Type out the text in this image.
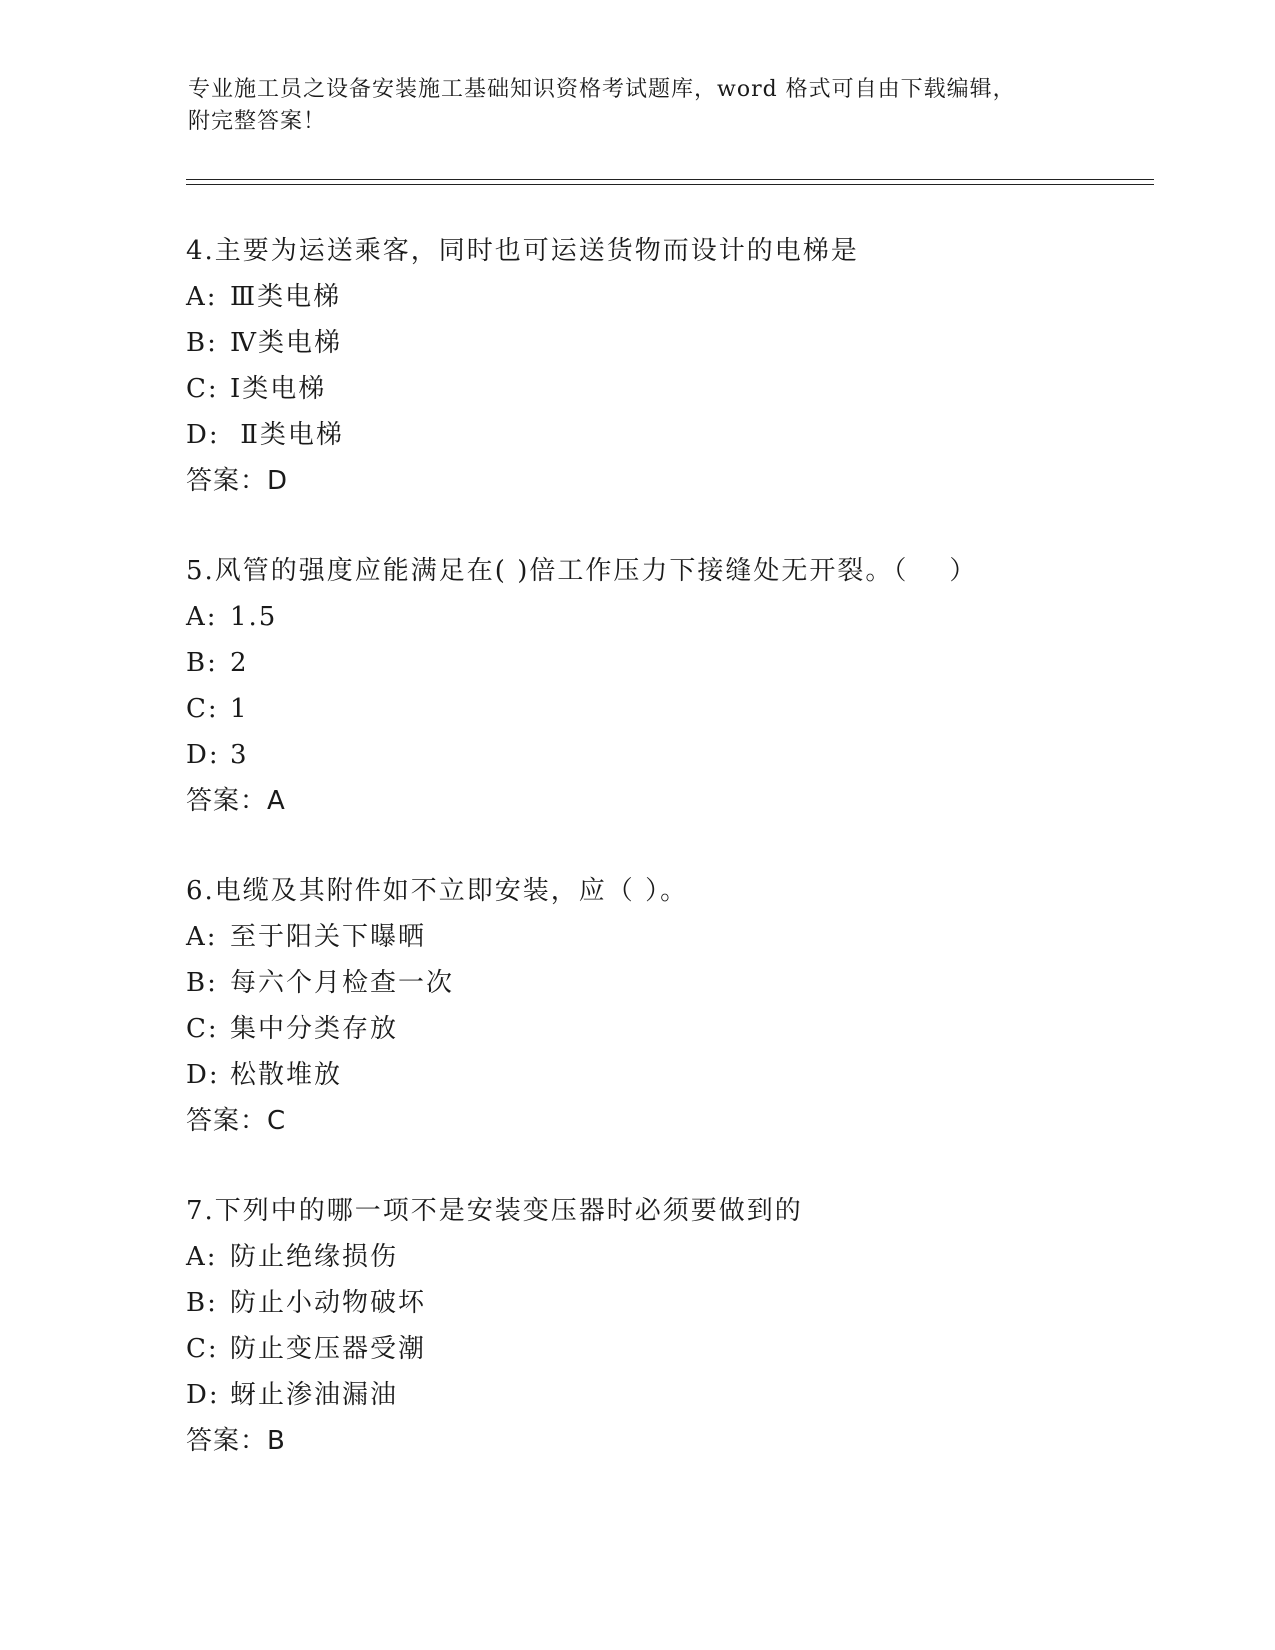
专业施工员之设备安装施工基础知识资格考试题库，word 格式可自由下载编辑，
附完整答案！
4.主要为运送乘客，同时也可运送货物而设计的电梯是
A: Ⅲ类电梯
B: Ⅳ类电梯
C: Ⅰ类电梯
D: Ⅱ类电梯
答案：D
5.风管的强度应能满足在( )倍工作压力下接缝处无开裂。（    ）
A: 1.5
B: 2
C: 1
D: 3
答案：A
6.电缆及其附件如不立即安装，应（ ）。
A: 至于阳关下曝晒
B: 每六个月检查一次
C: 集中分类存放
D: 松散堆放
答案：C
7.下列中的哪一项不是安装变压器时必须要做到的
A: 防止绝缘损伤
B: 防止小动物破坏
C: 防止变压器受潮
D: 蚜止渗油漏油
答案：B
